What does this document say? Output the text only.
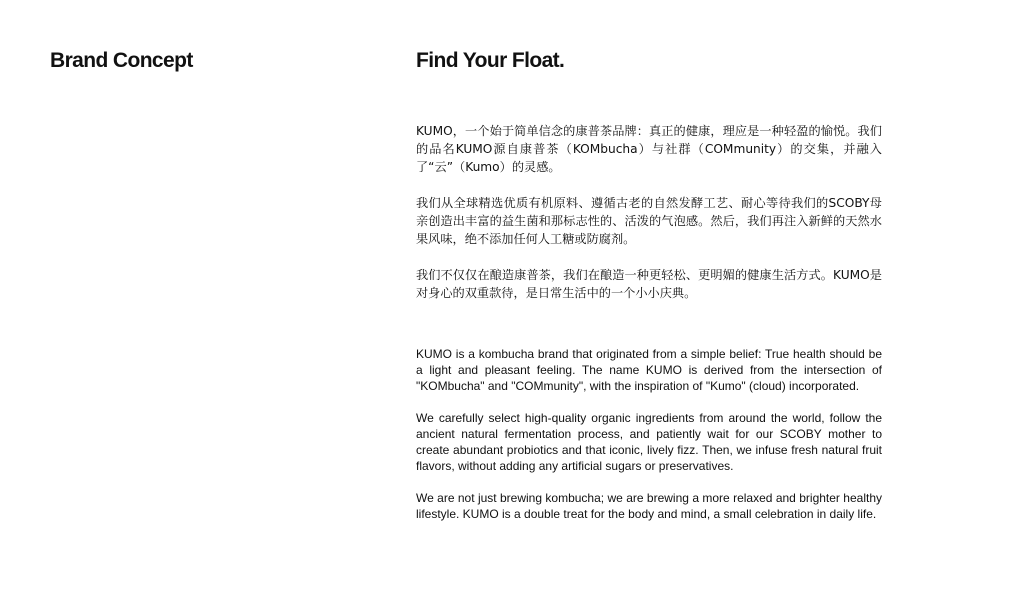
Brand Concept	Find Your Float.

KUMO，一个始于简单信念的康普茶品牌：真正的健康，理应是一种轻盈的愉悦。我们的品名KUMO源自康普茶（KOMbucha）与社群（COMmunity）的交集，并融入了“云”（Kumo）的灵感。

我们从全球精选优质有机原料、遵循古老的自然发酵工艺、耐心等待我们的SCOBY母亲创造出丰富的益生菌和那标志性的、活泼的气泡感。然后，我们再注入新鲜的天然水果风味，绝不添加任何人工糖或防腐剂。

我们不仅仅在酿造康普茶，我们在酿造一种更轻松、更明媚的健康生活方式。KUMO是对身心的双重款待，是日常生活中的一个小小庆典。

KUMO is a kombucha brand that originated from a simple belief: True health should be a light and pleasant feeling. The name KUMO is derived from the intersection of "KOMbucha" and "COMmunity", with the inspiration of "Kumo" (cloud) incorporated.

We carefully select high-quality organic ingredients from around the world, follow the ancient natural fermentation process, and patiently wait for our SCOBY mother to create abundant probiotics and that iconic, lively fizz. Then, we infuse fresh natural fruit flavors, without adding any artificial sugars or preservatives.

We are not just brewing kombucha; we are brewing a more relaxed and brighter healthy lifestyle. KUMO is a double treat for the body and mind, a small celebration in daily life.
